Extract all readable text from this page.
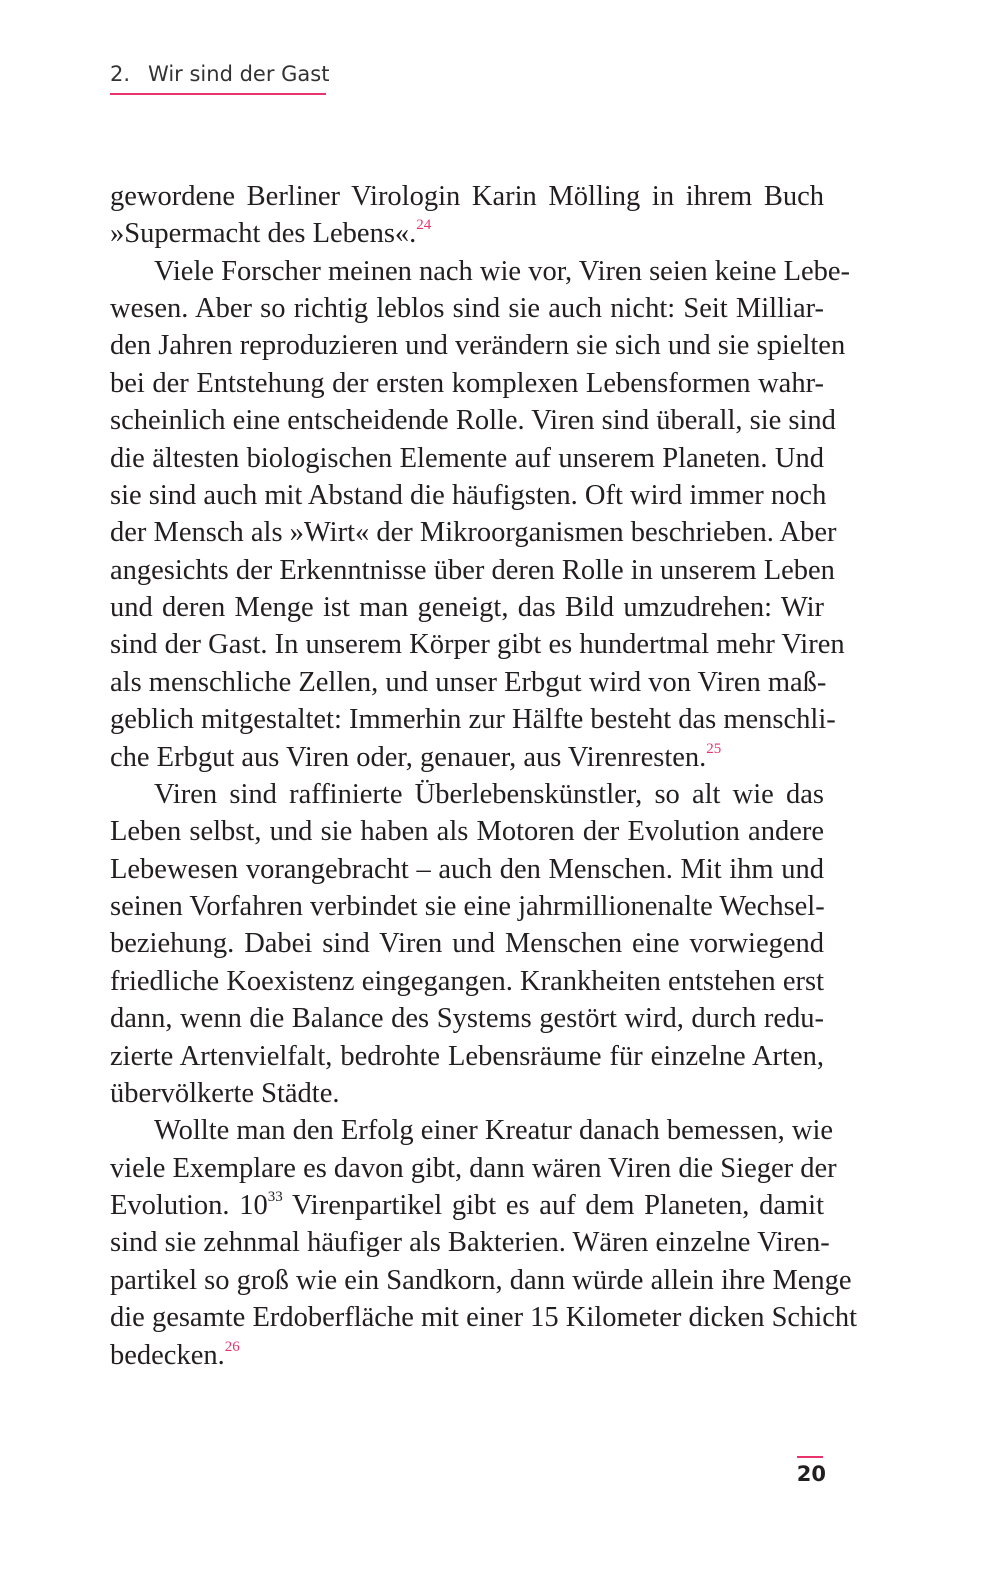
2. Wir sind der Gast
gewordene Berliner Virologin Karin Mölling in ihrem Buch
»Supermacht des Lebens«.$^{24}$
Viele Forscher meinen nach wie vor, Viren seien keine Lebe-
wesen. Aber so richtig leblos sind sie auch nicht: Seit Milliar-
den Jahren reproduzieren und verändern sie sich und sie spielten
bei der Entstehung der ersten komplexen Lebensformen wahr-
scheinlich eine entscheidende Rolle. Viren sind überall, sie sind
die ältesten biologischen Elemente auf unserem Planeten. Und
sie sind auch mit Abstand die häufigsten. Oft wird immer noch
der Mensch als »Wirt« der Mikroorganismen beschrieben. Aber
angesichts der Erkenntnisse über deren Rolle in unserem Leben
und deren Menge ist man geneigt, das Bild umzudrehen: Wir
sind der Gast. In unserem Körper gibt es hundertmal mehr Viren
als menschliche Zellen, und unser Erbgut wird von Viren maß-
geblich mitgestaltet: Immerhin zur Hälfte besteht das menschli-
che Erbgut aus Viren oder, genauer, aus Virenresten.$^{25}$
Viren sind raffinierte Überlebenskünstler, so alt wie das
Leben selbst, und sie haben als Motoren der Evolution andere
Lebewesen vorangebracht – auch den Menschen. Mit ihm und
seinen Vorfahren verbindet sie eine jahrmillionenalte Wechsel-
beziehung. Dabei sind Viren und Menschen eine vorwiegend
friedliche Koexistenz eingegangen. Krankheiten entstehen erst
dann, wenn die Balance des Systems gestört wird, durch redu-
zierte Artenvielfalt, bedrohte Lebensräume für einzelne Arten,
übervölkerte Städte.
Wollte man den Erfolg einer Kreatur danach bemessen, wie
viele Exemplare es davon gibt, dann wären Viren die Sieger der
Evolution. $10^{33}$ Virenpartikel gibt es auf dem Planeten, damit
sind sie zehnmal häufiger als Bakterien. Wären einzelne Viren-
partikel so groß wie ein Sandkorn, dann würde allein ihre Menge
die gesamte Erdoberfläche mit einer 15 Kilometer dicken Schicht
bedecken.$^{26}$
20
